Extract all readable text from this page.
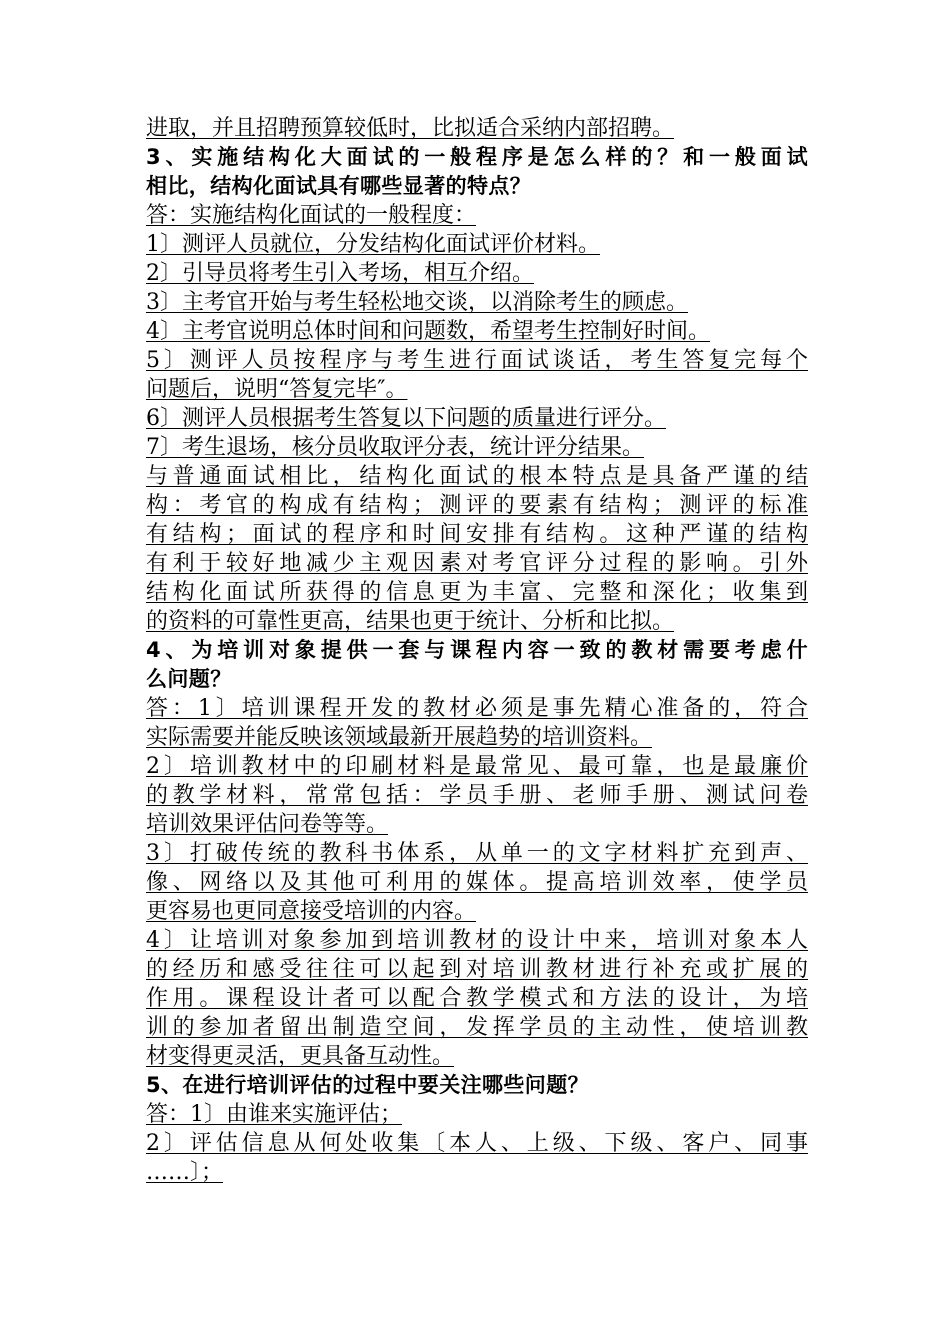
进取，并且招聘预算较低时，比拟适合采纳内部招聘。
3、实施结构化大面试的一般程序是怎么样的？和一般面试
相比，结构化面试具有哪些显著的特点？
答：实施结构化面试的一般程度：
1〕测评人员就位，分发结构化面试评价材料。
2〕引导员将考生引入考场，相互介绍。
3〕主考官开始与考生轻松地交谈，以消除考生的顾虑。
4〕主考官说明总体时间和问题数，希望考生控制好时间。
5〕测评人员按程序与考生进行面试谈话，考生答复完每个
问题后，说明“答复完毕″。
6〕测评人员根据考生答复以下问题的质量进行评分。
7〕考生退场，核分员收取评分表，统计评分结果。
与普通面试相比，结构化面试的根本特点是具备严谨的结
构：考官的构成有结构；测评的要素有结构；测评的标准
有结构；面试的程序和时间安排有结构。这种严谨的结构
有利于较好地减少主观因素对考官评分过程的影响。引外
结构化面试所获得的信息更为丰富、完整和深化；收集到
的资料的可靠性更高，结果也更于统计、分析和比拟。
4、为培训对象提供一套与课程内容一致的教材需要考虑什
么问题？
答：1〕培训课程开发的教材必须是事先精心准备的，符合
实际需要并能反映该领域最新开展趋势的培训资料。
2〕培训教材中的印刷材料是最常见、最可靠，也是最廉价
的教学材料，常常包括：学员手册、老师手册、测试问卷
培训效果评估问卷等等。
3〕打破传统的教科书体系，从单一的文字材料扩充到声、
像、网络以及其他可利用的媒体。提高培训效率，使学员
更容易也更同意接受培训的内容。
4〕让培训对象参加到培训教材的设计中来，培训对象本人
的经历和感受往往可以起到对培训教材进行补充或扩展的
作用。课程设计者可以配合教学模式和方法的设计，为培
训的参加者留出制造空间，发挥学员的主动性，使培训教
材变得更灵活，更具备互动性。
5、在进行培训评估的过程中要关注哪些问题？
答：1〕由谁来实施评估；
2〕评估信息从何处收集〔本人、上级、下级、客户、同事
……〕；
